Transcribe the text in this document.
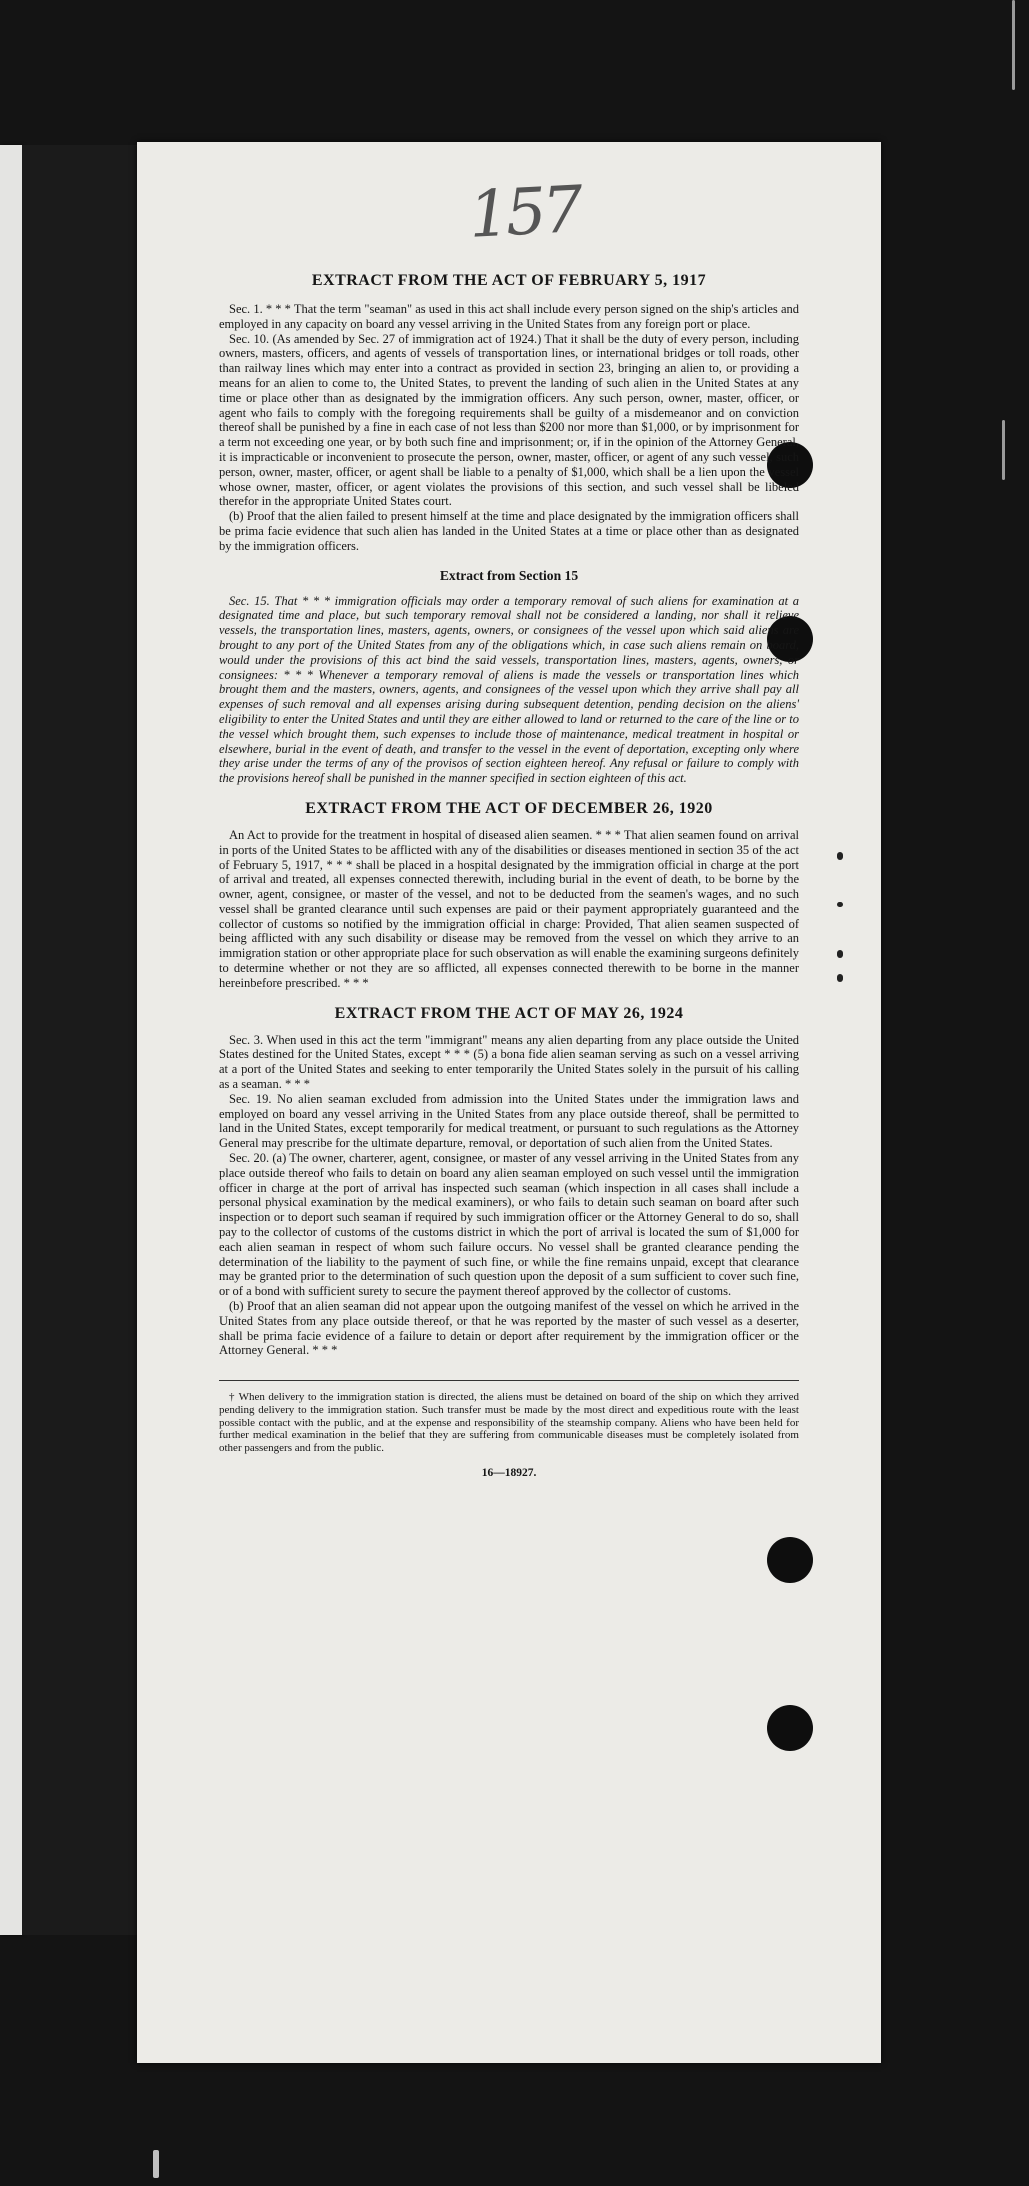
157
EXTRACT FROM THE ACT OF FEBRUARY 5, 1917

Sec. 1. * * * That the term "seaman" as used in this act shall include every person signed on the ship's articles and employed in any capacity on board any vessel arriving in the United States from any foreign port or place.

Sec. 10. (As amended by Sec. 27 of immigration act of 1924.) That it shall be the duty of every person, including owners, masters, officers, and agents of vessels of transportation lines, or international bridges or toll roads, other than railway lines which may enter into a contract as provided in section 23, bringing an alien to, or providing a means for an alien to come to, the United States, to prevent the landing of such alien in the United States at any time or place other than as designated by the immigration officers. Any such person, owner, master, officer, or agent who fails to comply with the foregoing requirements shall be guilty of a misdemeanor and on conviction thereof shall be punished by a fine in each case of not less than $200 nor more than $1,000, or by imprisonment for a term not exceeding one year, or by both such fine and imprisonment; or, if in the opinion of the Attorney General, it is impracticable or inconvenient to prosecute the person, owner, master, officer, or agent of any such vessel, such person, owner, master, officer, or agent shall be liable to a penalty of $1,000, which shall be a lien upon the vessel whose owner, master, officer, or agent violates the provisions of this section, and such vessel shall be libeled therefor in the appropriate United States court.

(b) Proof that the alien failed to present himself at the time and place designated by the immigration officers shall be prima facie evidence that such alien has landed in the United States at a time or place other than as designated by the immigration officers.

Extract from Section 15

Sec. 15. That * * * immigration officials may order a temporary removal of such aliens for examination at a designated time and place, but such temporary removal shall not be considered a landing, nor shall it relieve vessels, the transportation lines, masters, agents, owners, or consignees of the vessel upon which said aliens are brought to any port of the United States from any of the obligations which, in case such aliens remain on board, would under the provisions of this act bind the said vessels, transportation lines, masters, agents, owners, or consignees: * * * Whenever a temporary removal of aliens is made the vessels or transportation lines which brought them and the masters, owners, agents, and consignees of the vessel upon which they arrive shall pay all expenses of such removal and all expenses arising during subsequent detention, pending decision on the aliens' eligibility to enter the United States and until they are either allowed to land or returned to the care of the line or to the vessel which brought them, such expenses to include those of maintenance, medical treatment in hospital or elsewhere, burial in the event of death, and transfer to the vessel in the event of deportation, excepting only where they arise under the terms of any of the provisos of section eighteen hereof. Any refusal or failure to comply with the provisions hereof shall be punished in the manner specified in section eighteen of this act.

EXTRACT FROM THE ACT OF DECEMBER 26, 1920

An Act to provide for the treatment in hospital of diseased alien seamen. * * * That alien seamen found on arrival in ports of the United States to be afflicted with any of the disabilities or diseases mentioned in section 35 of the act of February 5, 1917, * * * shall be placed in a hospital designated by the immigration official in charge at the port of arrival and treated, all expenses connected therewith, including burial in the event of death, to be borne by the owner, agent, consignee, or master of the vessel, and not to be deducted from the seamen's wages, and no such vessel shall be granted clearance until such expenses are paid or their payment appropriately guaranteed and the collector of customs so notified by the immigration official in charge: Provided, That alien seamen suspected of being afflicted with any such disability or disease may be removed from the vessel on which they arrive to an immigration station or other appropriate place for such observation as will enable the examining surgeons definitely to determine whether or not they are so afflicted, all expenses connected therewith to be borne in the manner hereinbefore prescribed. * * *

EXTRACT FROM THE ACT OF MAY 26, 1924

Sec. 3. When used in this act the term "immigrant" means any alien departing from any place outside the United States destined for the United States, except * * * (5) a bona fide alien seaman serving as such on a vessel arriving at a port of the United States and seeking to enter temporarily the United States solely in the pursuit of his calling as a seaman. * * *

Sec. 19. No alien seaman excluded from admission into the United States under the immigration laws and employed on board any vessel arriving in the United States from any place outside thereof, shall be permitted to land in the United States, except temporarily for medical treatment, or pursuant to such regulations as the Attorney General may prescribe for the ultimate departure, removal, or deportation of such alien from the United States.

Sec. 20. (a) The owner, charterer, agent, consignee, or master of any vessel arriving in the United States from any place outside thereof who fails to detain on board any alien seaman employed on such vessel until the immigration officer in charge at the port of arrival has inspected such seaman (which inspection in all cases shall include a personal physical examination by the medical examiners), or who fails to detain such seaman on board after such inspection or to deport such seaman if required by such immigration officer or the Attorney General to do so, shall pay to the collector of customs of the customs district in which the port of arrival is located the sum of $1,000 for each alien seaman in respect of whom such failure occurs. No vessel shall be granted clearance pending the determination of the liability to the payment of such fine, or while the fine remains unpaid, except that clearance may be granted prior to the determination of such question upon the deposit of a sum sufficient to cover such fine, or of a bond with sufficient surety to secure the payment thereof approved by the collector of customs.

(b) Proof that an alien seaman did not appear upon the outgoing manifest of the vessel on which he arrived in the United States from any place outside thereof, or that he was reported by the master of such vessel as a deserter, shall be prima facie evidence of a failure to detain or deport after requirement by the immigration officer or the Attorney General. * * *

† When delivery to the immigration station is directed, the aliens must be detained on board of the ship on which they arrived pending delivery to the immigration station. Such transfer must be made by the most direct and expeditious route with the least possible contact with the public, and at the expense and responsibility of the steamship company. Aliens who have been held for further medical examination in the belief that they are suffering from communicable diseases must be completely isolated from other passengers and from the public.

16—18927.
